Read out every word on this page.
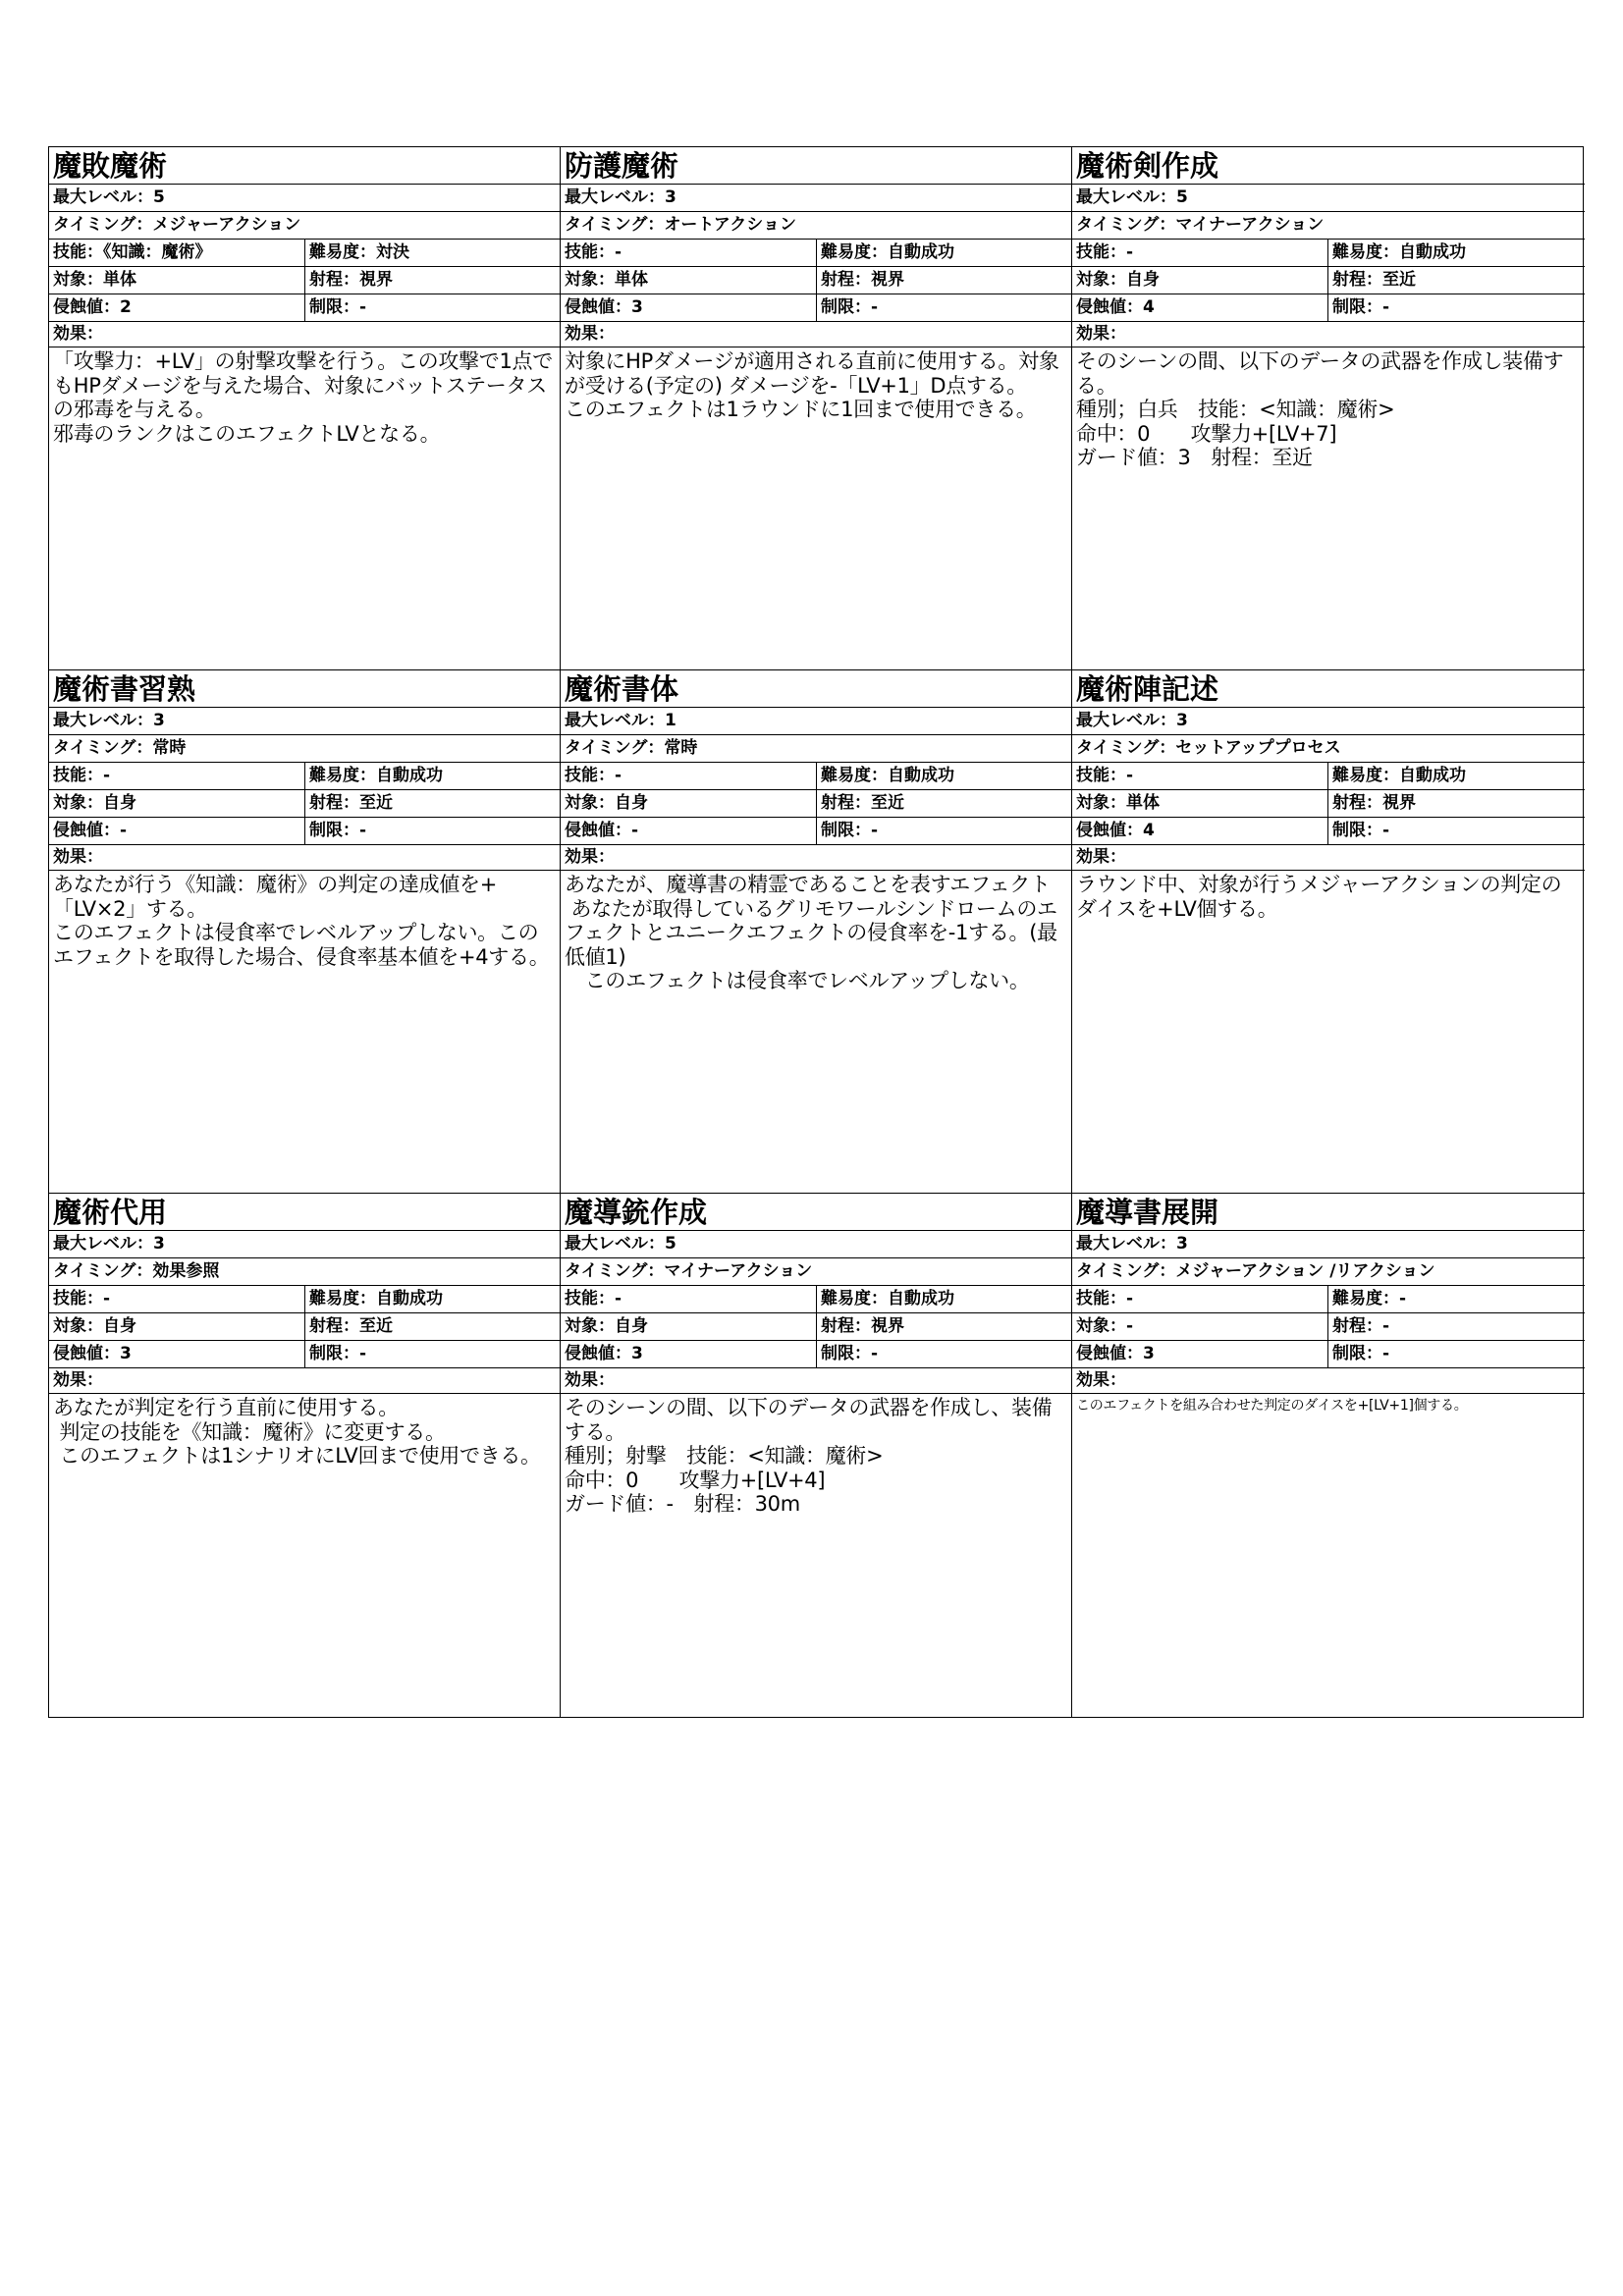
魔敗魔術
最大レベル：5
タイミング：メジャーアクション
技能：《知識：魔術》	難易度：対決
対象：単体	射程：視界
侵蝕値：2	制限：-
効果：
「攻撃力：+LV」の射撃攻撃を行う。この攻撃で1点でもHPダメージを与えた場合、対象にバットステータスの邪毒を与える。
邪毒のランクはこのエフェクトLVとなる。
防護魔術
最大レベル：3
タイミング：オートアクション
技能：-	難易度：自動成功
対象：単体	射程：視界
侵蝕値：3	制限：-
効果：
対象にHPダメージが適用される直前に使用する。対象が受ける(予定の) ダメージを-「LV+1」D点する。
このエフェクトは1ラウンドに1回まで使用できる。
魔術剣作成
最大レベル：5
タイミング：マイナーアクション
技能：-	難易度：自動成功
対象：自身	射程：至近
侵蝕値：4	制限：-
効果：
そのシーンの間、以下のデータの武器を作成し装備する。
種別；白兵　技能：<知識：魔術>
命中：0　　攻撃力+[LV+7]
ガード値：3　射程：至近
魔術書習熟
最大レベル：3
タイミング：常時
技能：-	難易度：自動成功
対象：自身	射程：至近
侵蝕値：-	制限：-
効果：
あなたが行う《知識：魔術》の判定の達成値を+「LV×2」する。
このエフェクトは侵食率でレベルアップしない。このエフェクトを取得した場合、侵食率基本値を+4する。
魔術書体
最大レベル：1
タイミング：常時
技能：-	難易度：自動成功
対象：自身	射程：至近
侵蝕値：-	制限：-
効果：
あなたが、魔導書の精霊であることを表すエフェクト
あなたが取得しているグリモワールシンドロームのエフェクトとユニークエフェクトの侵食率を-1する。(最低値1)
　このエフェクトは侵食率でレベルアップしない。
魔術陣記述
最大レベル：3
タイミング：セットアッププロセス
技能：-	難易度：自動成功
対象：単体	射程：視界
侵蝕値：4	制限：-
効果：
ラウンド中、対象が行うメジャーアクションの判定のダイスを+LV個する。
魔術代用
最大レベル：3
タイミング：効果参照
技能：-	難易度：自動成功
対象：自身	射程：至近
侵蝕値：3	制限：-
効果：
あなたが判定を行う直前に使用する。
判定の技能を《知識：魔術》に変更する。
このエフェクトは1シナリオにLV回まで使用できる。
魔導銃作成
最大レベル：5
タイミング：マイナーアクション
技能：-	難易度：自動成功
対象：自身	射程：視界
侵蝕値：3	制限：-
効果：
そのシーンの間、以下のデータの武器を作成し、装備する。
種別；射撃　技能：<知識：魔術>
命中：0　　攻撃力+[LV+4]
ガード値：-　射程：30m
魔導書展開
最大レベル：3
タイミング：メジャーアクション /リアクション
技能：-	難易度：-
対象：-	射程：-
侵蝕値：3	制限：-
効果：
このエフェクトを組み合わせた判定のダイスを+[LV+1]個する。
